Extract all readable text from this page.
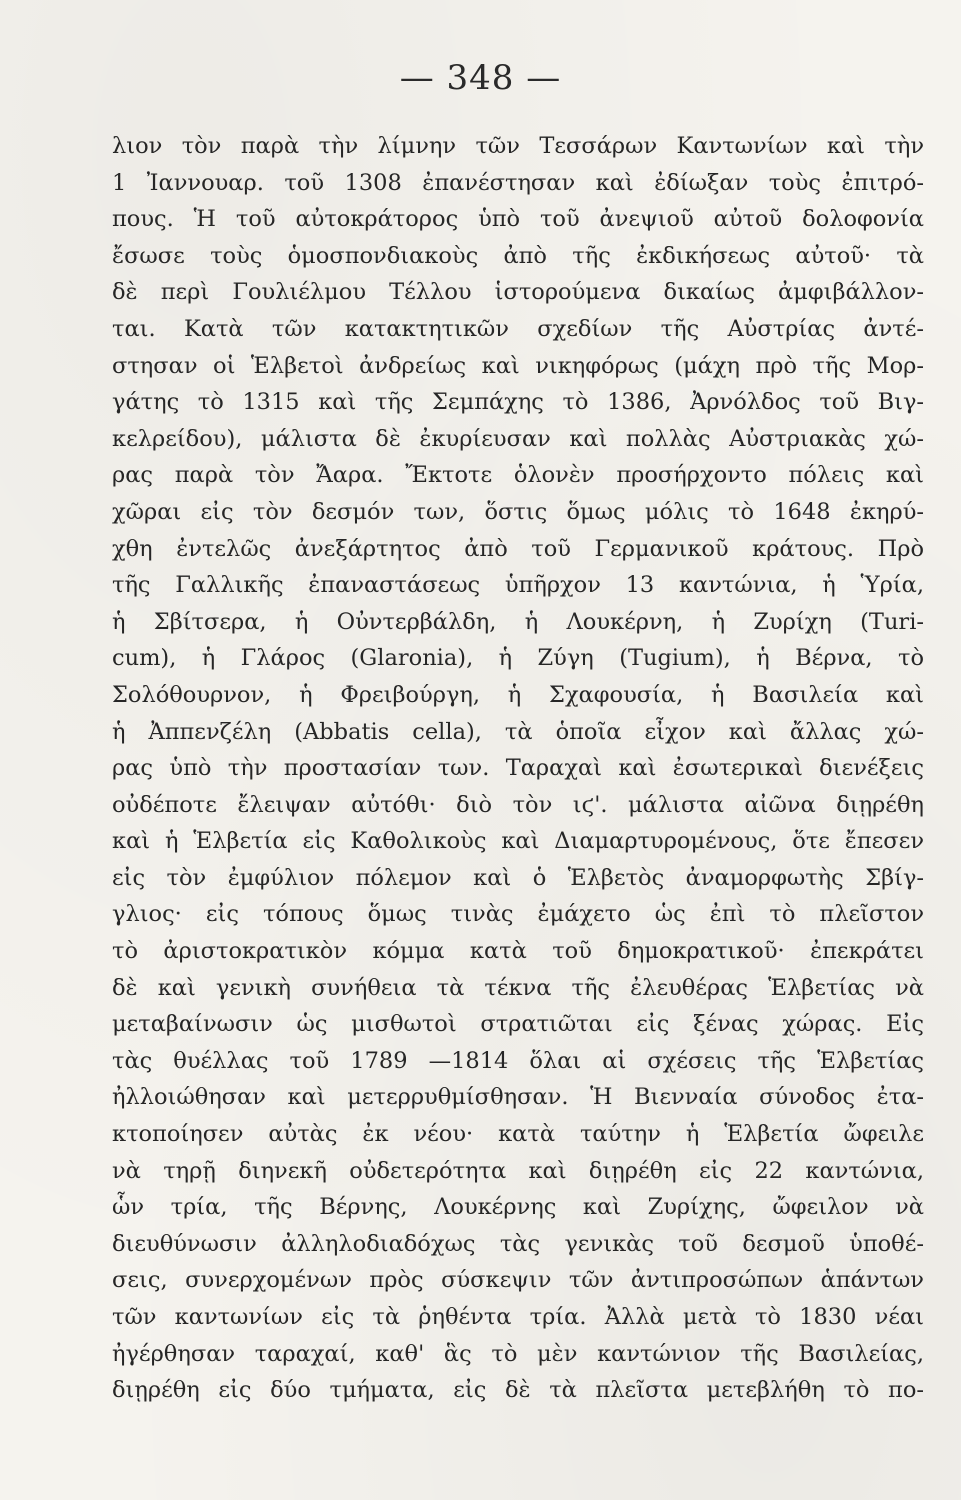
— 348 —
λιον τὸν παρὰ τὴν λίμνην τῶν Τεσσάρων Καντωνίων καὶ τὴν
1 Ἰαννουαρ. τοῦ 1308 ἐπανέστησαν καὶ ἐδίωξαν τοὺς ἐπιτρό-
πους. Ἡ τοῦ αὐτοκράτορος ὑπὸ τοῦ ἀνεψιοῦ αὐτοῦ δολοφονία
ἔσωσε τοὺς ὁμοσπονδιακοὺς ἀπὸ τῆς ἐκδικήσεως αὐτοῦ· τὰ
δὲ περὶ Γουλιέλμου Τέλλου ἱστορούμενα δικαίως ἀμφιβάλλον-
ται. Κατὰ τῶν κατακτητικῶν σχεδίων τῆς Αὐστρίας ἀντέ-
στησαν οἱ Ἑλβετοὶ ἀνδρείως καὶ νικηφόρως (μάχη πρὸ τῆς Μορ-
γάτης τὸ 1315 καὶ τῆς Σεμπάχης τὸ 1386, Ἀρνόλδος τοῦ Βιγ-
κελρείδου), μάλιστα δὲ ἐκυρίευσαν καὶ πολλὰς Αὐστριακὰς χώ-
ρας παρὰ τὸν Ἄαρα. Ἔκτοτε ὁλονὲν προσήρχοντο πόλεις καὶ
χῶραι εἰς τὸν δεσμόν των, ὅστις ὅμως μόλις τὸ 1648 ἐκηρύ-
χθη ἐντελῶς ἀνεξάρτητος ἀπὸ τοῦ Γερμανικοῦ κράτους. Πρὸ
τῆς Γαλλικῆς ἐπαναστάσεως ὑπῆρχον 13 καντώνια, ἡ Ὑρία,
ἡ Σβίτσερα, ἡ Οὐντερβάλδη, ἡ Λουκέρνη, ἡ Ζυρίχη (Turi-
cum), ἡ Γλάρος (Glaronia), ἡ Ζύγη (Tugium), ἡ Βέρνα, τὸ
Σολόθουρνον, ἡ Φρειβούργη, ἡ Σχαφουσία, ἡ Βασιλεία καὶ
ἡ Ἀππενζέλη (Abbatis cella), τὰ ὁποῖα εἶχον καὶ ἄλλας χώ-
ρας ὑπὸ τὴν προστασίαν των. Ταραχαὶ καὶ ἐσωτερικαὶ διενέξεις
οὐδέποτε ἔλειψαν αὐτόθι· διὸ τὸν ιϛ'. μάλιστα αἰῶνα διῃρέθη
καὶ ἡ Ἑλβετία εἰς Καθολικοὺς καὶ Διαμαρτυρομένους, ὅτε ἔπεσεν
εἰς τὸν ἐμφύλιον πόλεμον καὶ ὁ Ἑλβετὸς ἀναμορφωτὴς Σβίγ-
γλιος· εἰς τόπους ὅμως τινὰς ἐμάχετο ὡς ἐπὶ τὸ πλεῖστον
τὸ ἀριστοκρατικὸν κόμμα κατὰ τοῦ δημοκρατικοῦ· ἐπεκράτει
δὲ καὶ γενικὴ συνήθεια τὰ τέκνα τῆς ἐλευθέρας Ἑλβετίας νὰ
μεταβαίνωσιν ὡς μισθωτοὶ στρατιῶται εἰς ξένας χώρας. Εἰς
τὰς θυέλλας τοῦ 1789 —1814 ὅλαι αἱ σχέσεις τῆς Ἑλβετίας
ἠλλοιώθησαν καὶ μετερρυθμίσθησαν. Ἡ Βιενναία σύνοδος ἐτα-
κτοποίησεν αὐτὰς ἐκ νέου· κατὰ ταύτην ἡ Ἑλβετία ὤφειλε
νὰ τηρῇ διηνεκῆ οὐδετερότητα καὶ διῃρέθη εἰς 22 καντώνια,
ὧν τρία, τῆς Βέρνης, Λουκέρνης καὶ Ζυρίχης, ὤφειλον νὰ
διευθύνωσιν ἀλληλοδιαδόχως τὰς γενικὰς τοῦ δεσμοῦ ὑποθέ-
σεις, συνερχομένων πρὸς σύσκεψιν τῶν ἀντιπροσώπων ἁπάντων
τῶν καντωνίων εἰς τὰ ῥηθέντα τρία. Ἀλλὰ μετὰ τὸ 1830 νέαι
ἠγέρθησαν ταραχαί, καθ' ἃς τὸ μὲν καντώνιον τῆς Βασιλείας,
διῃρέθη εἰς δύο τμήματα, εἰς δὲ τὰ πλεῖστα μετεβλήθη τὸ πο-
